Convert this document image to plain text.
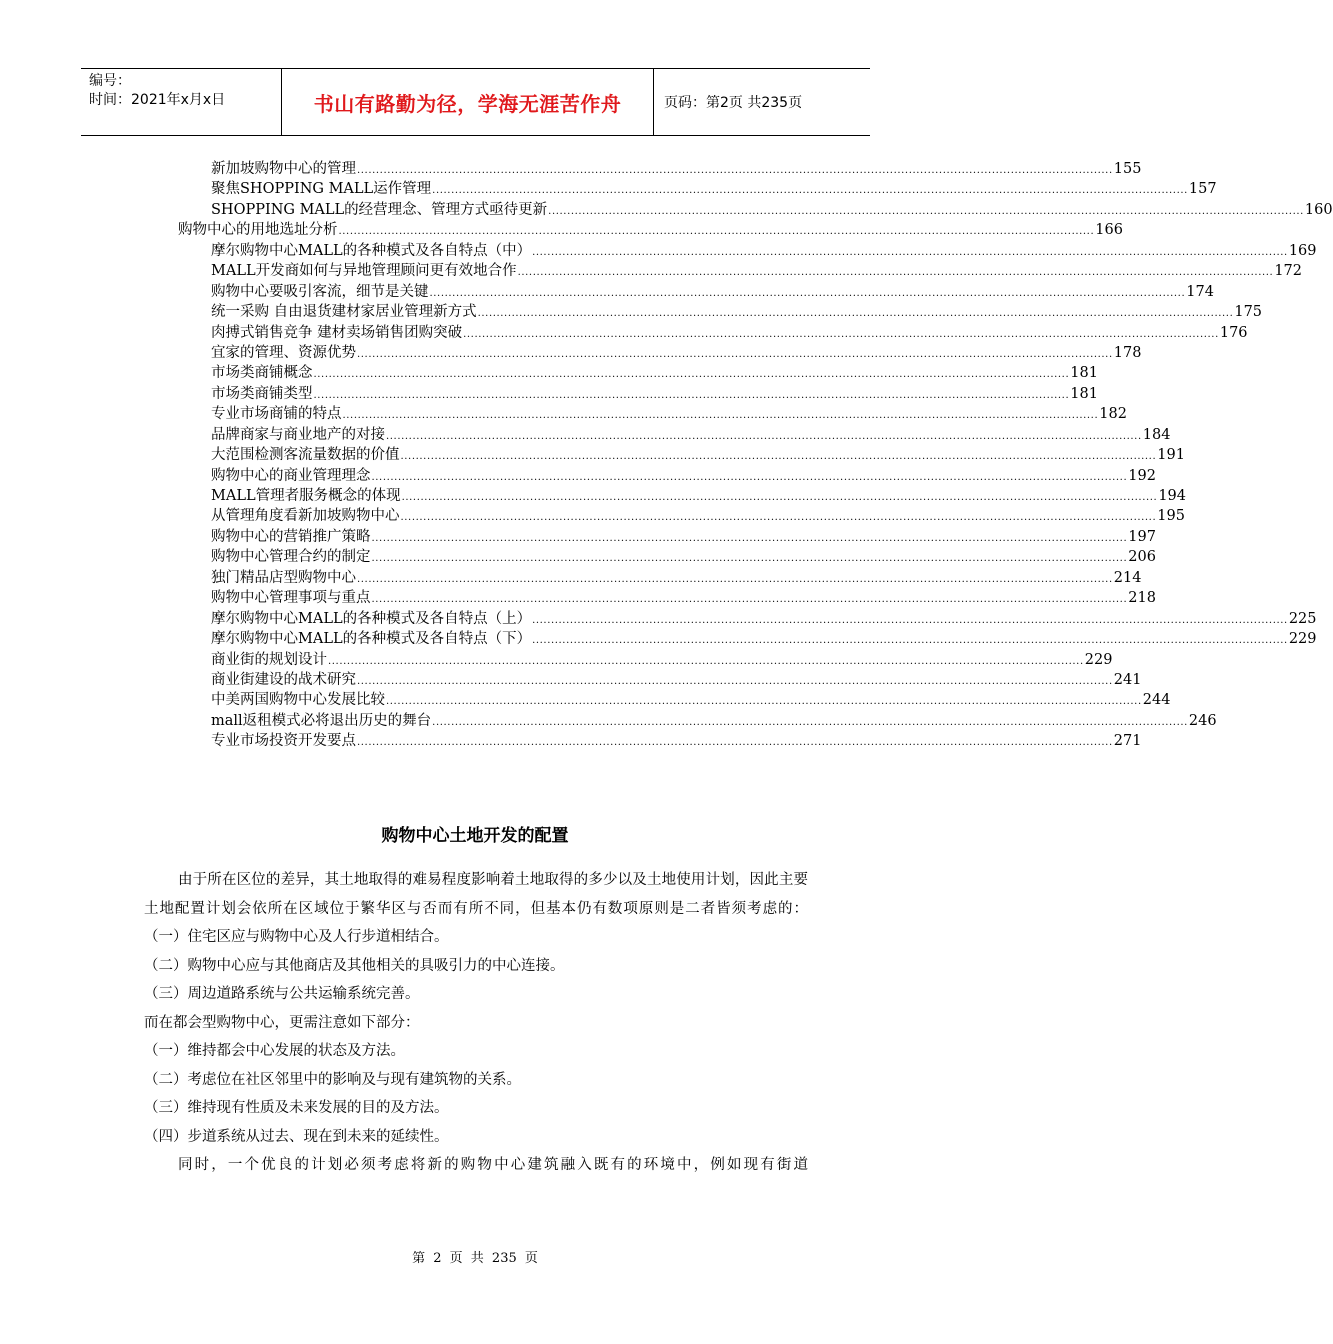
编号：
时间：2021年x月x日	书山有路勤为径，学海无涯苦作舟	页码：第2页 共235页
新加坡购物中心的管理 ........................................................................................................................................................................................................ 155
聚焦SHOPPING MALL运作管理 ........................................................................................................................................................................................................ 157
SHOPPING MALL的经营理念、管理方式亟待更新 ........................................................................................................................................................................................................ 160
购物中心的用地选址分析 ........................................................................................................................................................................................................ 166
摩尔购物中心MALL的各种模式及各自特点（中） ........................................................................................................................................................................................................ 169
MALL开发商如何与异地管理顾问更有效地合作 ........................................................................................................................................................................................................ 172
购物中心要吸引客流，细节是关键 ........................................................................................................................................................................................................ 174
统一采购 自由退货建材家居业管理新方式 ........................................................................................................................................................................................................ 175
肉搏式销售竞争 建材卖场销售团购突破 ........................................................................................................................................................................................................ 176
宜家的管理、资源优势 ........................................................................................................................................................................................................ 178
市场类商铺概念 ........................................................................................................................................................................................................ 181
市场类商铺类型 ........................................................................................................................................................................................................ 181
专业市场商铺的特点 ........................................................................................................................................................................................................ 182
品牌商家与商业地产的对接 ........................................................................................................................................................................................................ 184
大范围检测客流量数据的价值 ........................................................................................................................................................................................................ 191
购物中心的商业管理理念 ........................................................................................................................................................................................................ 192
MALL管理者服务概念的体现 ........................................................................................................................................................................................................ 194
从管理角度看新加坡购物中心 ........................................................................................................................................................................................................ 195
购物中心的营销推广策略 ........................................................................................................................................................................................................ 197
购物中心管理合约的制定 ........................................................................................................................................................................................................ 206
独门精品店型购物中心 ........................................................................................................................................................................................................ 214
购物中心管理事项与重点 ........................................................................................................................................................................................................ 218
摩尔购物中心MALL的各种模式及各自特点（上） ........................................................................................................................................................................................................ 225
摩尔购物中心MALL的各种模式及各自特点（下） ........................................................................................................................................................................................................ 229
商业街的规划设计 ........................................................................................................................................................................................................ 229
商业街建设的战术研究 ........................................................................................................................................................................................................ 241
中美两国购物中心发展比较 ........................................................................................................................................................................................................ 244
mall返租模式必将退出历史的舞台 ........................................................................................................................................................................................................ 246
专业市场投资开发要点 ........................................................................................................................................................................................................ 271
购物中心土地开发的配置

由于所在区位的差异，其土地取得的难易程度影响着土地取得的多少以及土地使用计划，因此主要土地配置计划会依所在区域位于繁华区与否而有所不同，但基本仍有数项原则是二者皆须考虑的：

（一）住宅区应与购物中心及人行步道相结合。

（二）购物中心应与其他商店及其他相关的具吸引力的中心连接。

（三）周边道路系统与公共运输系统完善。

而在都会型购物中心，更需注意如下部分：

（一）维持都会中心发展的状态及方法。

（二）考虑位在社区邻里中的影响及与现有建筑物的关系。

（三）维持现有性质及未来发展的目的及方法。

（四）步道系统从过去、现在到未来的延续性。

同时，一个优良的计划必须考虑将新的购物中心建筑融入既有的环境中，例如现有街道

第 2 页 共 235 页
